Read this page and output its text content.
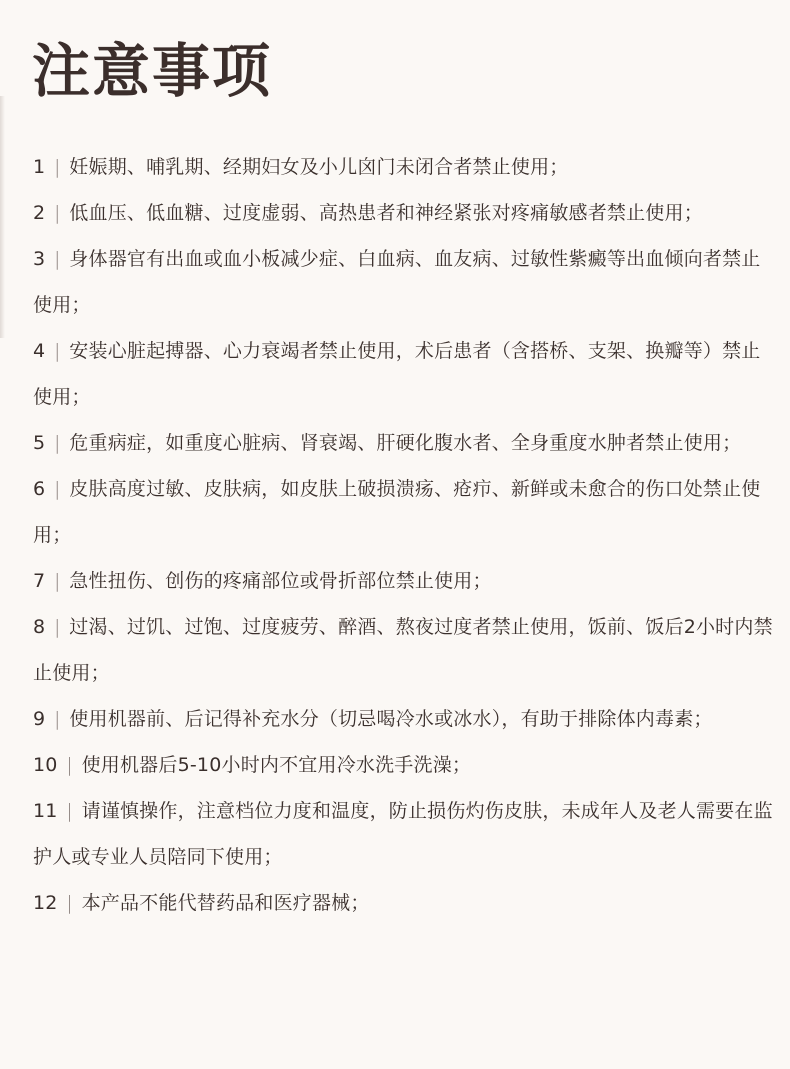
注意事项
1 | 妊娠期、哺乳期、经期妇女及小儿囟门未闭合者禁止使用；
2 | 低血压、低血糖、过度虚弱、高热患者和神经紧张对疼痛敏感者禁止使用；
3 | 身体器官有出血或血小板减少症、白血病、血友病、过敏性紫癜等出血倾向者禁止使用；
4 | 安装心脏起搏器、心力衰竭者禁止使用，术后患者（含搭桥、支架、换瓣等）禁止使用；
5 | 危重病症，如重度心脏病、肾衰竭、肝硬化腹水者、全身重度水肿者禁止使用；
6 | 皮肤高度过敏、皮肤病，如皮肤上破损溃疡、疮疖、新鲜或未愈合的伤口处禁止使用；
7 | 急性扭伤、创伤的疼痛部位或骨折部位禁止使用；
8 | 过渴、过饥、过饱、过度疲劳、醉酒、熬夜过度者禁止使用，饭前、饭后2小时内禁止使用；
9 | 使用机器前、后记得补充水分（切忌喝冷水或冰水），有助于排除体内毒素；
10 | 使用机器后5-10小时内不宜用冷水洗手洗澡；
11 | 请谨慎操作，注意档位力度和温度，防止损伤灼伤皮肤，未成年人及老人需要在监护人或专业人员陪同下使用；
12 | 本产品不能代替药品和医疗器械；
